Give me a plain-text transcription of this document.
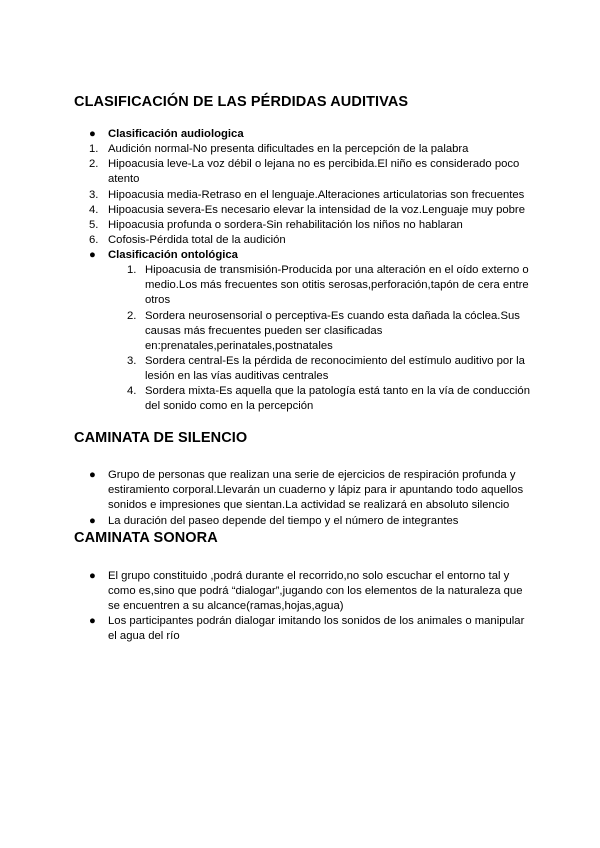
CLASIFICACIÓN DE LAS PÉRDIDAS AUDITIVAS
● Clasificación audiologica
1. Audición normal-No presenta dificultades en la percepción de la palabra
2. Hipoacusia leve-La voz débil o lejana no es percibida.El niño es considerado poco
atento
3. Hipoacusia media-Retraso en el lenguaje.Alteraciones articulatorias son frecuentes
4. Hipoacusia severa-Es necesario elevar la intensidad de la voz.Lenguaje muy pobre
5. Hipoacusia profunda o sordera-Sin rehabilitación los niños no hablaran
6. Cofosis-Pérdida total de la audición
● Clasificación ontológica
1. Hipoacusia de transmisión-Producida por una alteración en el oído externo o
medio.Los más frecuentes son otitis serosas,perforación,tapón de cera entre
otros
2. Sordera neurosensorial o perceptiva-Es cuando esta dañada la cóclea.Sus
causas más frecuentes pueden ser clasificadas
en:prenatales,perinatales,postnatales
3. Sordera central-Es la pérdida de reconocimiento del estímulo auditivo por la
lesión en las vías auditivas centrales
4. Sordera mixta-Es aquella que la patología está tanto en la vía de conducción
del sonido como en la percepción
CAMINATA DE SILENCIO
● Grupo de personas que realizan una serie de ejercicios de respiración profunda y
estiramiento corporal.Llevarán un cuaderno y lápiz para ir apuntando todo aquellos
sonidos e impresiones que sientan.La actividad se realizará en absoluto silencio
● La duración del paseo depende del tiempo y el número de integrantes
CAMINATA SONORA
● El grupo constituido ,podrá durante el recorrido,no solo escuchar el entorno tal y
como es,sino que podrá “dialogar”,jugando con los elementos de la naturaleza que
se encuentren a su alcance(ramas,hojas,agua)
● Los participantes podrán dialogar imitando los sonidos de los animales o manipular
el agua del río
